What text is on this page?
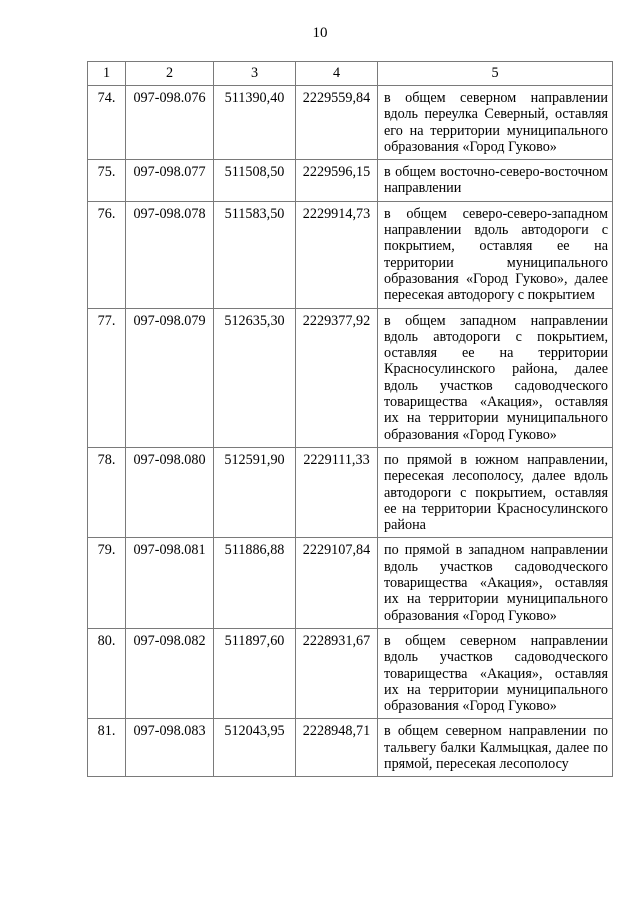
10
1	2	3	4	5
74.	097-098.076	511390,40	2229559,84	в общем северном направлении вдоль переулка Северный, оставляя его на территории муниципального образования «Город Гуково»
75.	097-098.077	511508,50	2229596,15	в общем восточно-северо-восточном направлении
76.	097-098.078	511583,50	2229914,73	в общем северо-северо-западном направлении вдоль автодороги с покрытием, оставляя ее на территории муниципального образования «Город Гуково», далее пересекая автодорогу с покрытием
77.	097-098.079	512635,30	2229377,92	в общем западном направлении вдоль автодороги с покрытием, оставляя ее на территории Красносулинского района, далее вдоль участков садоводческого товарищества «Акация», оставляя их на территории муниципального образования «Город Гуково»
78.	097-098.080	512591,90	2229111,33	по прямой в южном направлении, пересекая лесополосу, далее вдоль автодороги с покрытием, оставляя ее на территории Красносулинского района
79.	097-098.081	511886,88	2229107,84	по прямой в западном направлении вдоль участков садоводческого товарищества «Акация», оставляя их на территории муниципального образования «Город Гуково»
80.	097-098.082	511897,60	2228931,67	в общем северном направлении вдоль участков садоводческого товарищества «Акация», оставляя их на территории муниципального образования «Город Гуково»
81.	097-098.083	512043,95	2228948,71	в общем северном направлении по тальвегу балки Калмыцкая, далее по прямой, пересекая лесополосу
